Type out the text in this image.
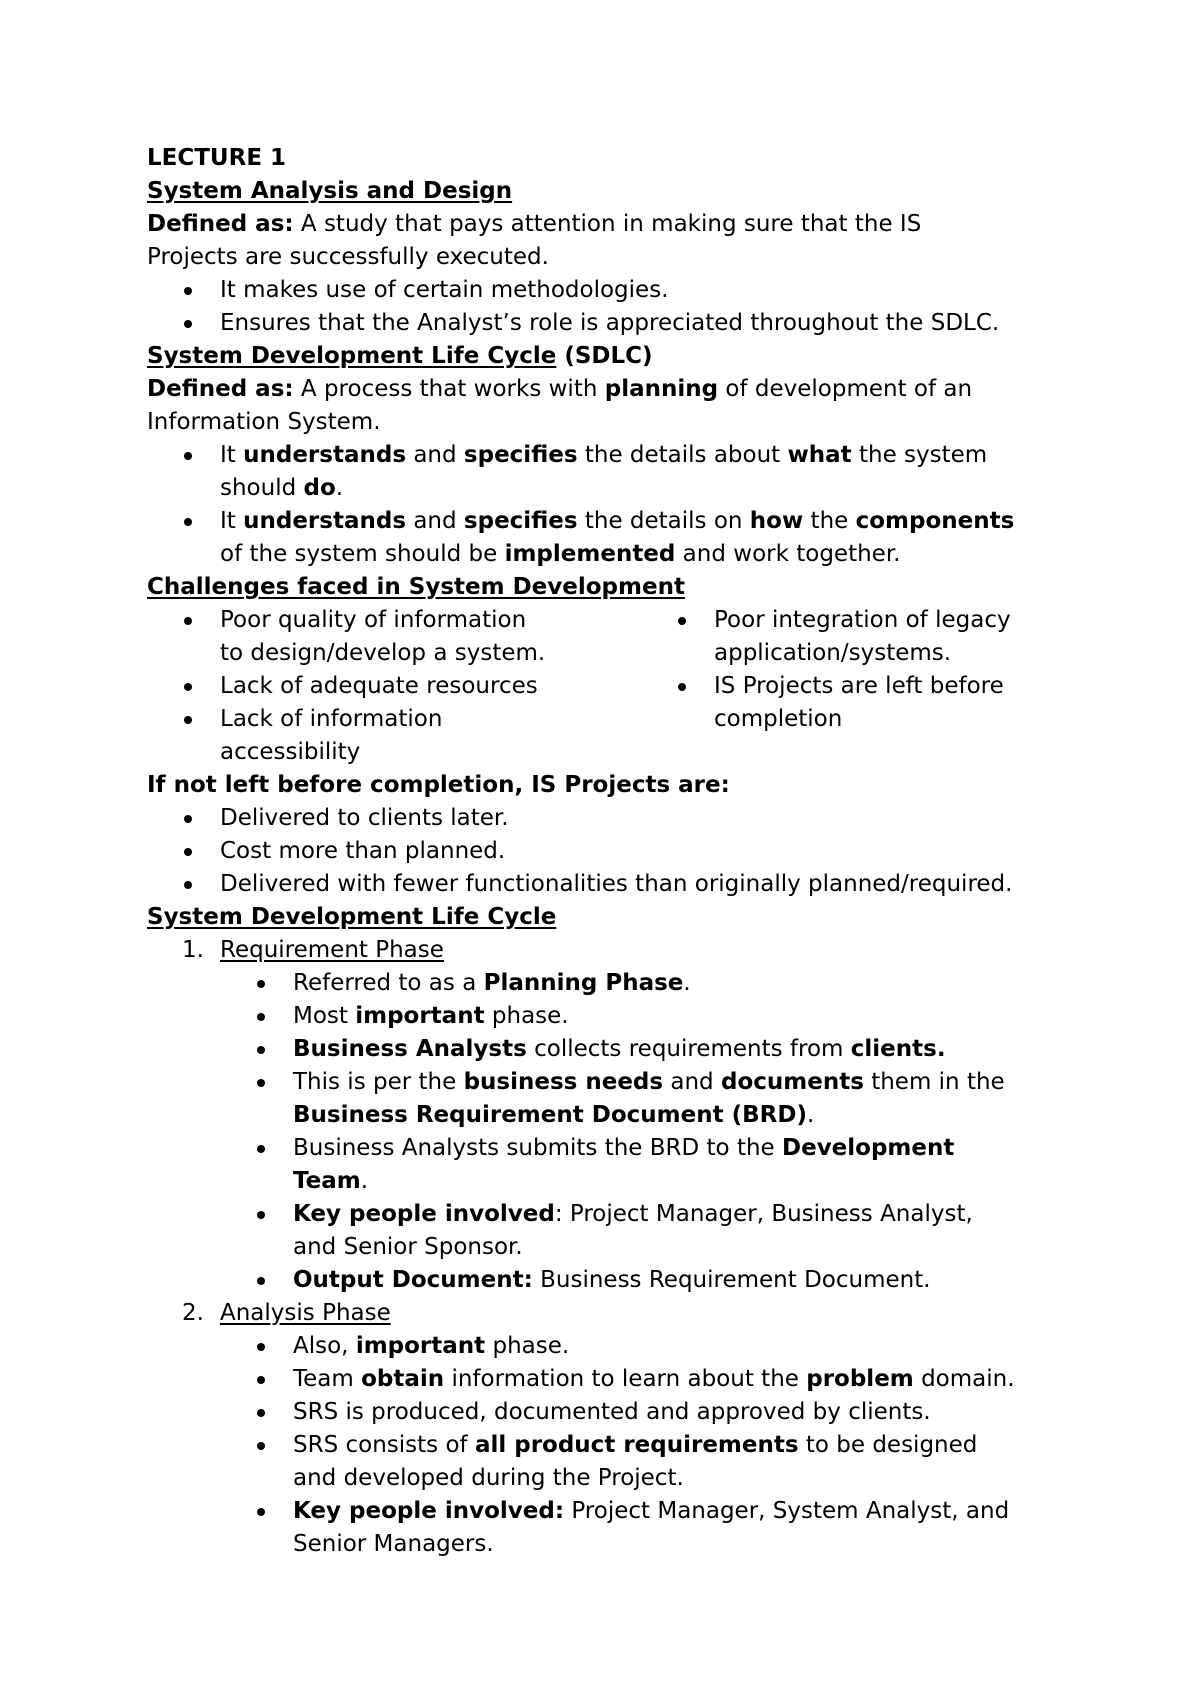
LECTURE 1

System Analysis and Design

Defined as: A study that pays attention in making sure that the IS

Projects are successfully executed.

It makes use of certain methodologies.

Ensures that the Analyst’s role is appreciated throughout the SDLC.

System Development Life Cycle (SDLC)

Defined as: A process that works with planning of development of an

Information System.

It understands and specifies the details about what the system
should do.

It understands and specifies the details on how the components
of the system should be implemented and work together.

Challenges faced in System Development

Poor quality of information
to design/develop a system.

Lack of adequate resources

Lack of information
accessibility

Poor integration of legacy
application/systems.

IS Projects are left before
completion

If not left before completion, IS Projects are:

Delivered to clients later.

Cost more than planned.

Delivered with fewer functionalities than originally planned/required.

System Development Life Cycle

1. Requirement Phase

Referred to as a Planning Phase.

Most important phase.

Business Analysts collects requirements from clients.

This is per the business needs and documents them in the
Business Requirement Document (BRD).

Business Analysts submits the BRD to the Development
Team.

Key people involved: Project Manager, Business Analyst,
and Senior Sponsor.

Output Document: Business Requirement Document.

2. Analysis Phase

Also, important phase.

Team obtain information to learn about the problem domain.

SRS is produced, documented and approved by clients.

SRS consists of all product requirements to be designed
and developed during the Project.

Key people involved: Project Manager, System Analyst, and
Senior Managers.
